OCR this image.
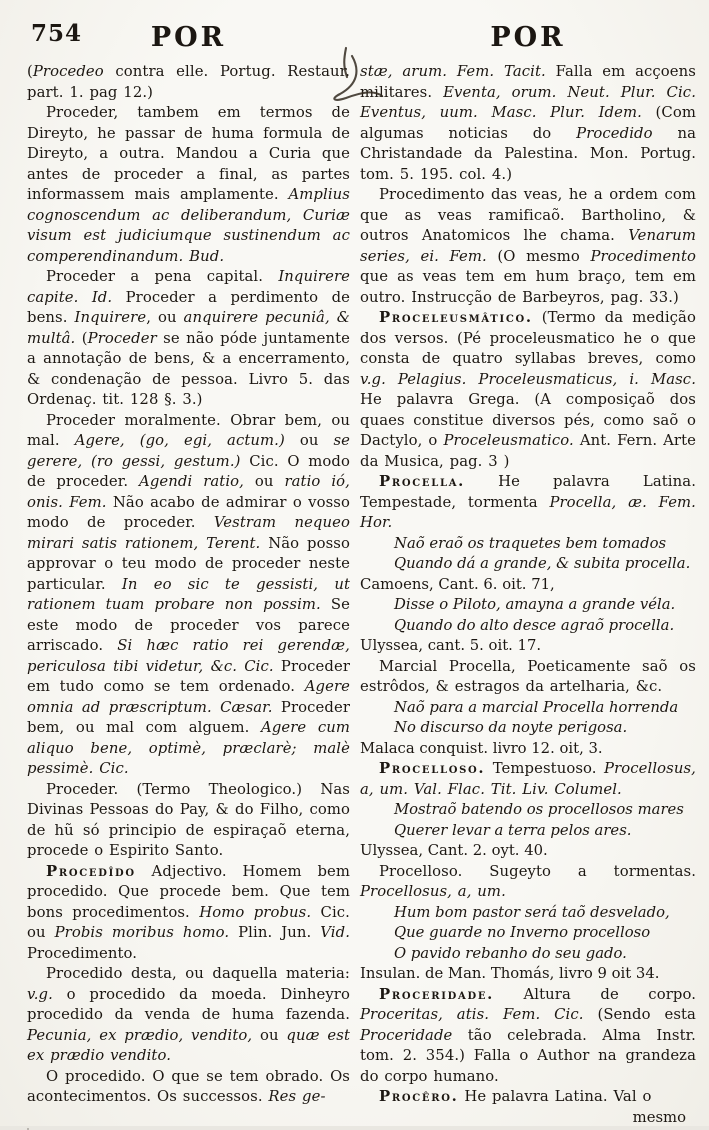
754	POR	POR

(Procedeo contra elle. Portug. Restaur. part. 1. pag 12.)

Proceder, tambem em termos de Direyto, he passar de huma formula de Direyto, a outra. Mandou a Curia que antes de proceder a final, as partes informassem mais amplamente. Amplius cognoscendum ac deliberandum, Curiæ visum est judiciumque sustinendum ac comperendinandum. Bud.

Proceder a pena capital. Inquirere capite. Id. Proceder a perdimento de bens. Inquirere, ou anquirere pecuniâ, & multâ. (Proceder se não póde juntamente a annotação de bens, & a encerramento, & condenação de pessoa. Livro 5. das Ordenaç. tit. 128 §. 3.)

Proceder moralmente. Obrar bem, ou mal. Agere, (go, egi, actum.) ou se gerere, (ro gessi, gestum.) Cic. O modo de proceder. Agendi ratio, ou ratio ió, onis. Fem. Não acabo de admirar o vosso modo de proceder. Vestram nequeo mirari satis rationem, Terent. Não posso approvar o teu modo de proceder neste particular. In eo sic te gessisti, ut rationem tuam probare non possim. Se este modo de proceder vos parece arriscado. Si hæc ratio rei gerendæ, periculosa tibi videtur, &c. Cic. Proceder em tudo como se tem ordenado. Agere omnia ad præscriptum. Cæsar. Proceder bem, ou mal com alguem. Agere cum aliquo bene, optimè, præclarè; malè pessimè. Cic.

Proceder. (Termo Theologico.) Nas Divinas Pessoas do Pay, & do Filho, como de hũ só principio de espiraçaõ eterna, procede o Espirito Santo.

Procedîdo Adjectivo. Homem bem procedido. Que procede bem. Que tem bons procedimentos. Homo probus. Cic. ou Probis moribus homo. Plin. Jun. Vid. Procedimento.

Procedido desta, ou daquella materia: v.g. o procedido da moeda. Dinheyro procedido da venda de huma fazenda. Pecunia, ex prædio, vendito, ou quæ est ex prædio vendito.

O procedido. O que se tem obrado. Os acontecimentos. Os successos. Res ge-

stæ, arum. Fem. Tacit. Falla em acçoens militares. Eventa, orum. Neut. Plur. Cic. Eventus, uum. Masc. Plur. Idem. (Com algumas noticias do Procedido na Christandade da Palestina. Mon. Portug. tom. 5. 195. col. 4.)

Procedimento das veas, he a ordem com que as veas ramificaõ. Bartholino, & outros Anatomicos lhe chama. Venarum series, ei. Fem. (O mesmo Procedimento que as veas tem em hum braço, tem em outro. Instrucção de Barbeyros, pag. 33.)

Proceleusmâtico. (Termo da medição dos versos. (Pé proceleusmatico he o que consta de quatro syllabas breves, como v.g. Pelagius. Proceleusmaticus, i. Masc. He palavra Grega. (A composiçaõ dos quaes constitue diversos pés, como saõ o Dactylo, o Proceleusmatico. Ant. Fern. Arte da Musica, pag. 3 )

Procella. He palavra Latina. Tempestade, tormenta Procella, æ. Fem. Hor.

Naõ eraõ os traquetes bem tomados
Quando dá a grande, & subita procella.
Camoens, Cant. 6. oit. 71,
Disse o Piloto, amayna a grande véla.
Quando do alto desce agraõ procella.
Ulyssea, cant. 5. oit. 17.

Marcial Procella, Poeticamente saõ os estrôdos, & estragos da artelharia, &c.

Naõ para a marcial Procella horrenda
No discurso da noyte perigosa.
Malaca conquist. livro 12. oit, 3.

Procelloso. Tempestuoso. Procellosus, a, um. Val. Flac. Tit. Liv. Columel.

Mostraõ batendo os procellosos mares
Querer levar a terra pelos ares.
Ulyssea, Cant. 2. oyt. 40.

Procelloso. Sugeyto a tormentas. Procellosus, a, um.

Hum bom pastor será taõ desvelado,
Que guarde no Inverno procelloso
O pavido rebanho do seu gado.
Insulan. de Man. Thomás, livro 9 oit 34.

Proceridade. Altura de corpo. Proceritas, atis. Fem. Cic. (Sendo esta Proceridade tão celebrada. Alma Instr. tom. 2. 354.) Falla o Author na grandeza do corpo humano.

Procêro. He palavra Latina. Val o

mesmo
